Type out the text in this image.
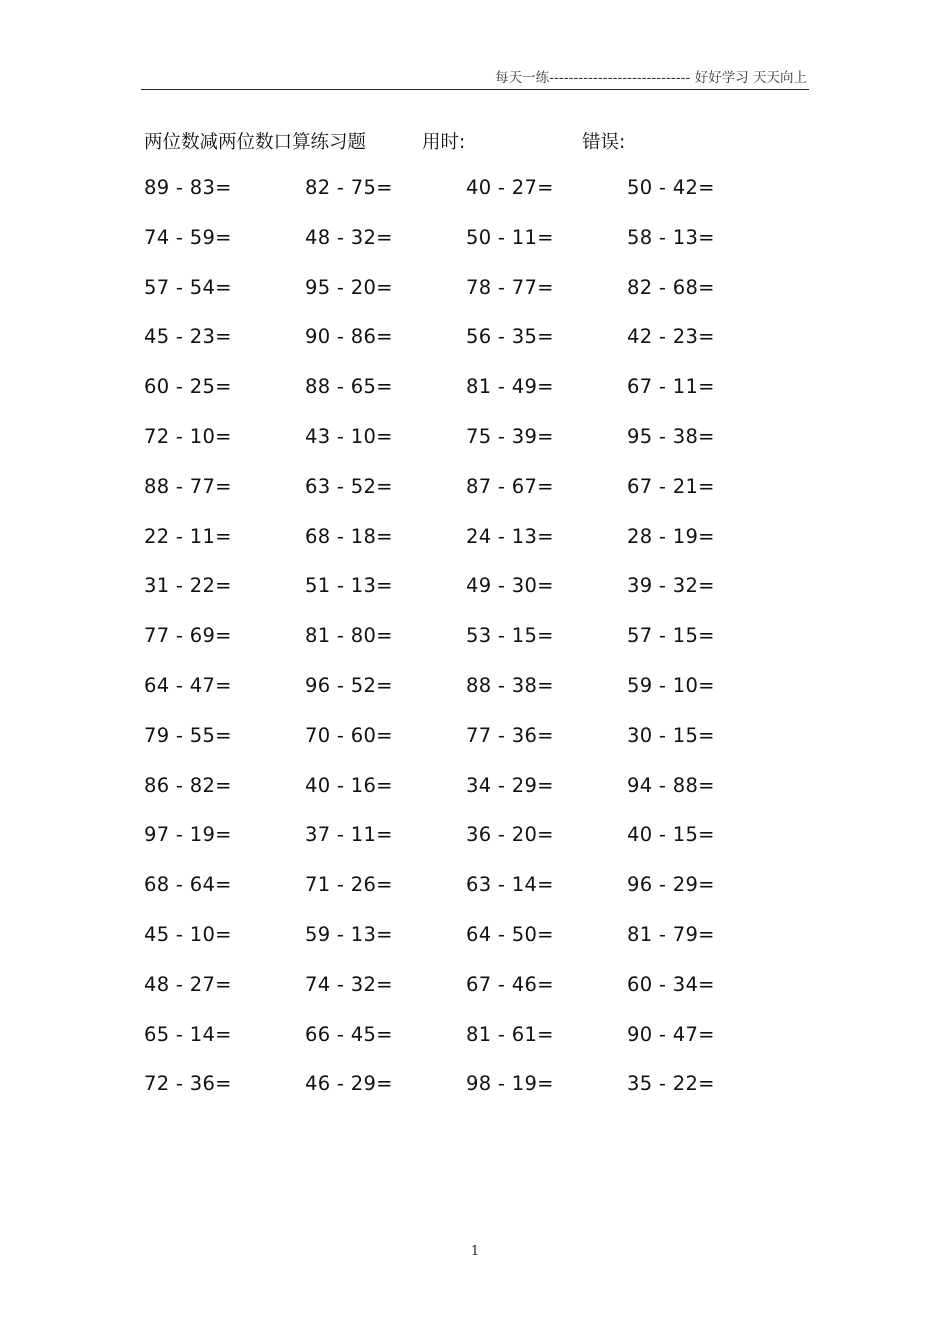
每天一练----------------------------- 好好学习 天天向上
两位数减两位数口算练习题	用时:	错误:
89 - 83=	82 - 75=	40 - 27=	50 - 42=
74 - 59=	48 - 32=	50 - 11=	58 - 13=
57 - 54=	95 - 20=	78 - 77=	82 - 68=
45 - 23=	90 - 86=	56 - 35=	42 - 23=
60 - 25=	88 - 65=	81 - 49=	67 - 11=
72 - 10=	43 - 10=	75 - 39=	95 - 38=
88 - 77=	63 - 52=	87 - 67=	67 - 21=
22 - 11=	68 - 18=	24 - 13=	28 - 19=
31 - 22=	51 - 13=	49 - 30=	39 - 32=
77 - 69=	81 - 80=	53 - 15=	57 - 15=
64 - 47=	96 - 52=	88 - 38=	59 - 10=
79 - 55=	70 - 60=	77 - 36=	30 - 15=
86 - 82=	40 - 16=	34 - 29=	94 - 88=
97 - 19=	37 - 11=	36 - 20=	40 - 15=
68 - 64=	71 - 26=	63 - 14=	96 - 29=
45 - 10=	59 - 13=	64 - 50=	81 - 79=
48 - 27=	74 - 32=	67 - 46=	60 - 34=
65 - 14=	66 - 45=	81 - 61=	90 - 47=
72 - 36=	46 - 29=	98 - 19=	35 - 22=
1
